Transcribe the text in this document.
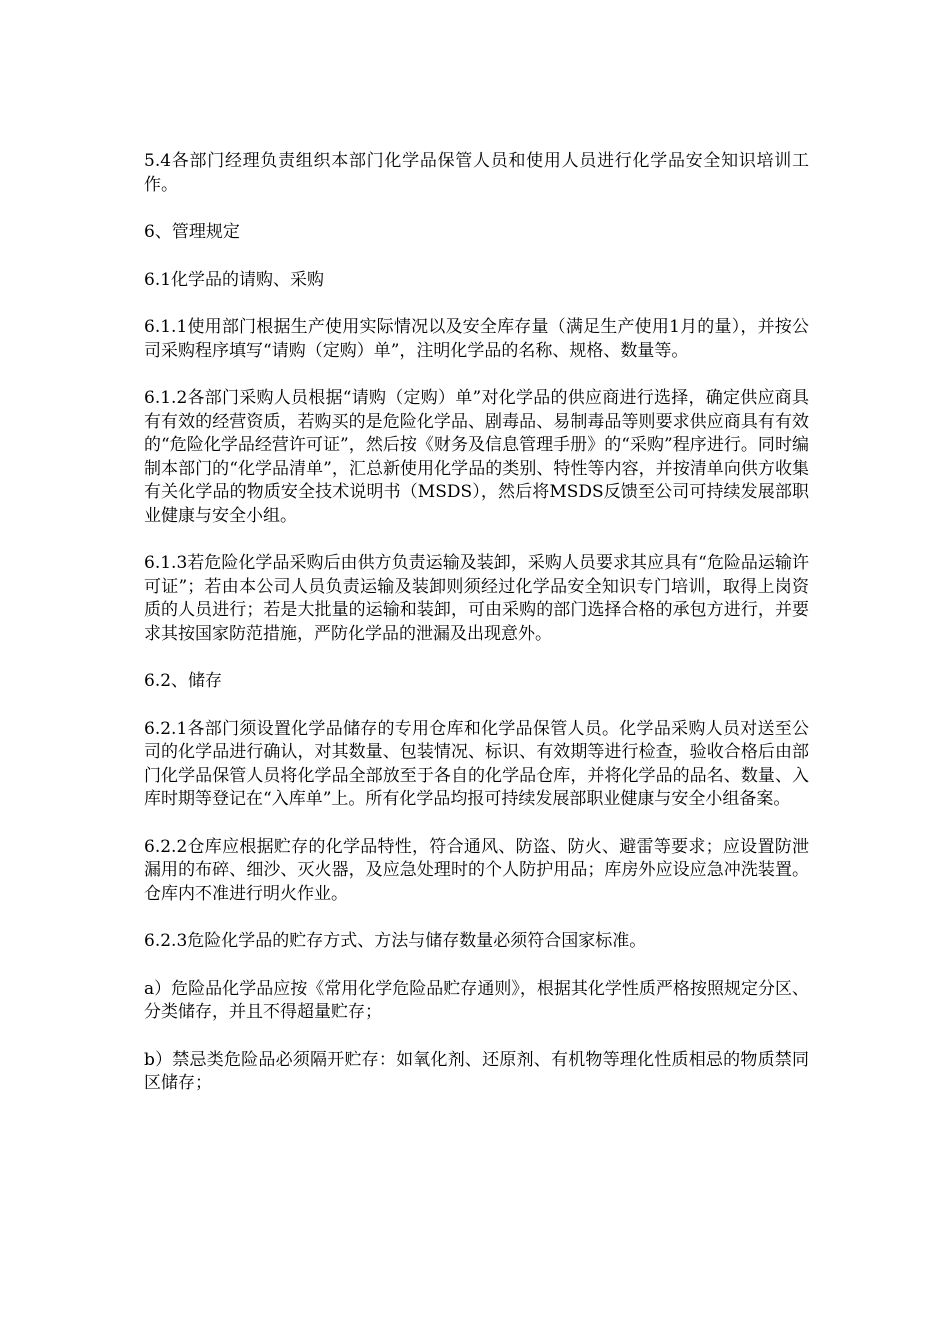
5.4各部门经理负责组织本部门化学品保管人员和使用人员进行化学品安全知识培训工作。

6、管理规定

6.1化学品的请购、采购

6.1.1使用部门根据生产使用实际情况以及安全库存量（满足生产使用1月的量），并按公司采购程序填写“请购（定购）单”，注明化学品的名称、规格、数量等。

6.1.2各部门采购人员根据“请购（定购）单”对化学品的供应商进行选择，确定供应商具有有效的经营资质，若购买的是危险化学品、剧毒品、易制毒品等则要求供应商具有有效的“危险化学品经营许可证”，然后按《财务及信息管理手册》的“采购”程序进行。同时编制本部门的“化学品清单”，汇总新使用化学品的类别、特性等内容，并按清单向供方收集有关化学品的物质安全技术说明书（MSDS），然后将MSDS反馈至公司可持续发展部职业健康与安全小组。

6.1.3若危险化学品采购后由供方负责运输及装卸，采购人员要求其应具有“危险品运输许可证”；若由本公司人员负责运输及装卸则须经过化学品安全知识专门培训，取得上岗资质的人员进行；若是大批量的运输和装卸，可由采购的部门选择合格的承包方进行，并要求其按国家防范措施，严防化学品的泄漏及出现意外。

6.2、储存

6.2.1各部门须设置化学品储存的专用仓库和化学品保管人员。化学品采购人员对送至公司的化学品进行确认，对其数量、包装情况、标识、有效期等进行检查，验收合格后由部门化学品保管人员将化学品全部放至于各自的化学品仓库，并将化学品的品名、数量、入库时期等登记在“入库单”上。所有化学品均报可持续发展部职业健康与安全小组备案。

6.2.2仓库应根据贮存的化学品特性，符合通风、防盗、防火、避雷等要求；应设置防泄漏用的布碎、细沙、灭火器，及应急处理时的个人防护用品；库房外应设应急冲洗装置。仓库内不准进行明火作业。

6.2.3危险化学品的贮存方式、方法与储存数量必须符合国家标准。

a）危险品化学品应按《常用化学危险品贮存通则》，根据其化学性质严格按照规定分区、分类储存，并且不得超量贮存；

b）禁忌类危险品必须隔开贮存：如氧化剂、还原剂、有机物等理化性质相忌的物质禁同区储存；
